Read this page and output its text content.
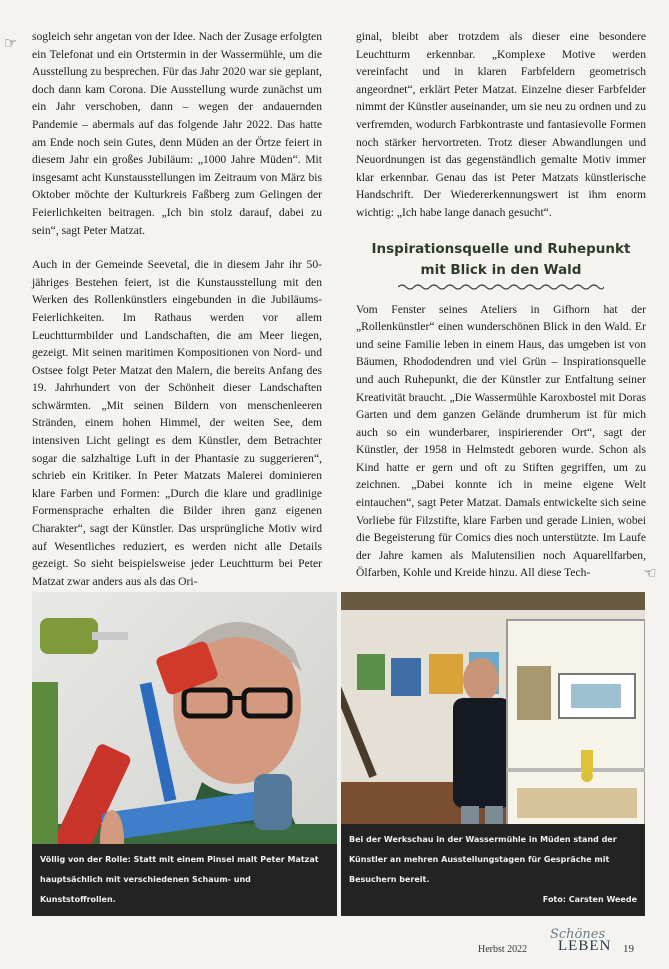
☞ sogleich sehr angetan von der Idee. Nach der Zusage erfolgten ein Telefonat und ein Ortstermin in der Wassermühle, um die Ausstellung zu besprechen. Für das Jahr 2020 war sie geplant, doch dann kam Corona. Die Ausstellung wurde zunächst um ein Jahr verschoben, dann – wegen der andauernden Pandemie – abermals auf das folgende Jahr 2022. Das hatte am Ende noch sein Gutes, denn Müden an der Örtze feiert in diesem Jahr ein großes Jubiläum: „1000 Jahre Müden“. Mit insgesamt acht Kunstausstellungen im Zeitraum von März bis Oktober möchte der Kulturkreis Faßberg zum Gelingen der Feierlichkeiten beitragen. „Ich bin stolz darauf, dabei zu sein“, sagt Peter Matzat.

Auch in der Gemeinde Seevetal, die in diesem Jahr ihr 50-jähriges Bestehen feiert, ist die Kunstausstellung mit den Werken des Rollenkünstlers eingebunden in die Jubiläums-Feierlichkeiten. Im Rathaus werden vor allem Leuchtturmbilder und Landschaften, die am Meer liegen, gezeigt. Mit seinen maritimen Kompositionen von Nord- und Ostsee folgt Peter Matzat den Malern, die bereits Anfang des 19. Jahrhundert von der Schönheit dieser Landschaften schwärmten. „Mit seinen Bildern von menschenleeren Stränden, einem hohen Himmel, der weiten See, dem intensiven Licht gelingt es dem Künstler, dem Betrachter sogar die salzhaltige Luft in der Phantasie zu suggerieren“, schrieb ein Kritiker. In Peter Matzats Malerei dominieren klare Farben und Formen: „Durch die klare und gradlinige Formensprache erhalten die Bilder ihren ganz eigenen Charakter“, sagt der Künstler. Das ursprüngliche Motiv wird auf Wesentliches reduziert, es werden nicht alle Details gezeigt. So sieht beispielsweise jeder Leuchtturm bei Peter Matzat zwar anders aus als das Ori-

ginal, bleibt aber trotzdem als dieser eine besondere Leuchtturm erkennbar. „Komplexe Motive werden vereinfacht und in klaren Farbfeldern geometrisch angeordnet“, erklärt Peter Matzat. Einzelne dieser Farbfelder nimmt der Künstler auseinander, um sie neu zu ordnen und zu verfremden, wodurch Farbkontraste und fantasievolle Formen noch stärker hervortreten. Trotz dieser Abwandlungen und Neuordnungen ist das gegenständlich gemalte Motiv immer klar erkennbar. Genau das ist Peter Matzats künstlerische Handschrift. Der Wiedererkennungswert ist ihm enorm wichtig: „Ich habe lange danach gesucht“.

Inspirationsquelle und Ruhepunkt
mit Blick in den Wald

Vom Fenster seines Ateliers in Gifhorn hat der „Rollenkünstler“ einen wunderschönen Blick in den Wald. Er und seine Familie leben in einem Haus, das umgeben ist von Bäumen, Rhododendren und viel Grün – Inspirationsquelle und auch Ruhepunkt, die der Künstler zur Entfaltung seiner Kreativität braucht. „Die Wassermühle Karoxbostel mit Doras Garten und dem ganzen Gelände drumherum ist für mich auch so ein wunderbarer, inspirierender Ort“, sagt der Künstler, der 1958 in Helmstedt geboren wurde. Schon als Kind hatte er gern und oft zu Stiften gegriffen, um zu zeichnen. „Dabei konnte ich in meine eigene Welt eintauchen“, sagt Peter Matzat. Damals entwickelte sich seine Vorliebe für Filzstifte, klare Farben und gerade Linien, wobei die Begeisterung für Comics dies noch unterstützte. Im Laufe der Jahre kamen als Malutensilien noch Aquarellfarben, Ölfarben, Kohle und Kreide hinzu. All diese Tech-	☞
Völlig von der Rolle: Statt mit einem Pinsel malt Peter Matzat hauptsächlich mit verschiedenen Schaum- und Kunststoffrollen.
Bei der Werkschau in der Wassermühle in Müden stand der Künstler an mehren Ausstellungstagen für Gespräche mit Besuchern bereit.
Foto: Carsten Weede
Herbst 2022
Schönes
LEBEN 19
